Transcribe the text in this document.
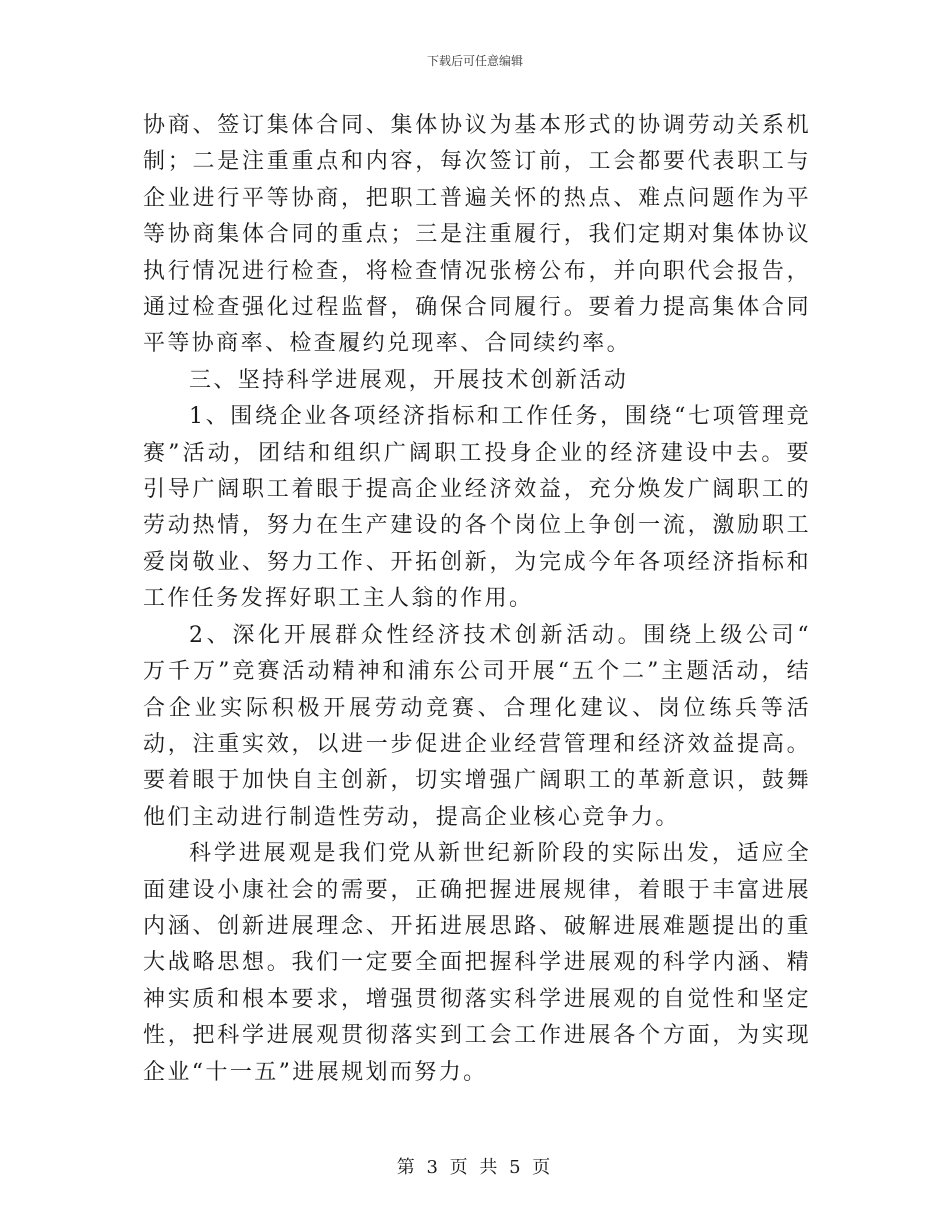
下载后可任意编辑

协商、签订集体合同、集体协议为基本形式的协调劳动关系机制；二是注重重点和内容，每次签订前，工会都要代表职工与企业进行平等协商，把职工普遍关怀的热点、难点问题作为平等协商集体合同的重点；三是注重履行，我们定期对集体协议执行情况进行检查，将检查情况张榜公布，并向职代会报告，通过检查强化过程监督，确保合同履行。要着力提高集体合同平等协商率、检查履约兑现率、合同续约率。

三、坚持科学进展观，开展技术创新活动

1、围绕企业各项经济指标和工作任务，围绕“七项管理竞赛”活动，团结和组织广阔职工投身企业的经济建设中去。要引导广阔职工着眼于提高企业经济效益，充分焕发广阔职工的劳动热情，努力在生产建设的各个岗位上争创一流，激励职工爱岗敬业、努力工作、开拓创新，为完成今年各项经济指标和工作任务发挥好职工主人翁的作用。

2、深化开展群众性经济技术创新活动。围绕上级公司“ 万千万”竞赛活动精神和浦东公司开展“五个二”主题活动，结合企业实际积极开展劳动竞赛、合理化建议、岗位练兵等活动，注重实效，以进一步促进企业经营管理和经济效益提高。要着眼于加快自主创新，切实增强广阔职工的革新意识，鼓舞他们主动进行制造性劳动，提高企业核心竞争力。

科学进展观是我们党从新世纪新阶段的实际出发，适应全面建设小康社会的需要，正确把握进展规律，着眼于丰富进展内涵、创新进展理念、开拓进展思路、破解进展难题提出的重大战略思想。我们一定要全面把握科学进展观的科学内涵、精神实质和根本要求，增强贯彻落实科学进展观的自觉性和坚定性，把科学进展观贯彻落实到工会工作进展各个方面，为实现企业“十一五”进展规划而努力。

第 3 页 共 5 页
